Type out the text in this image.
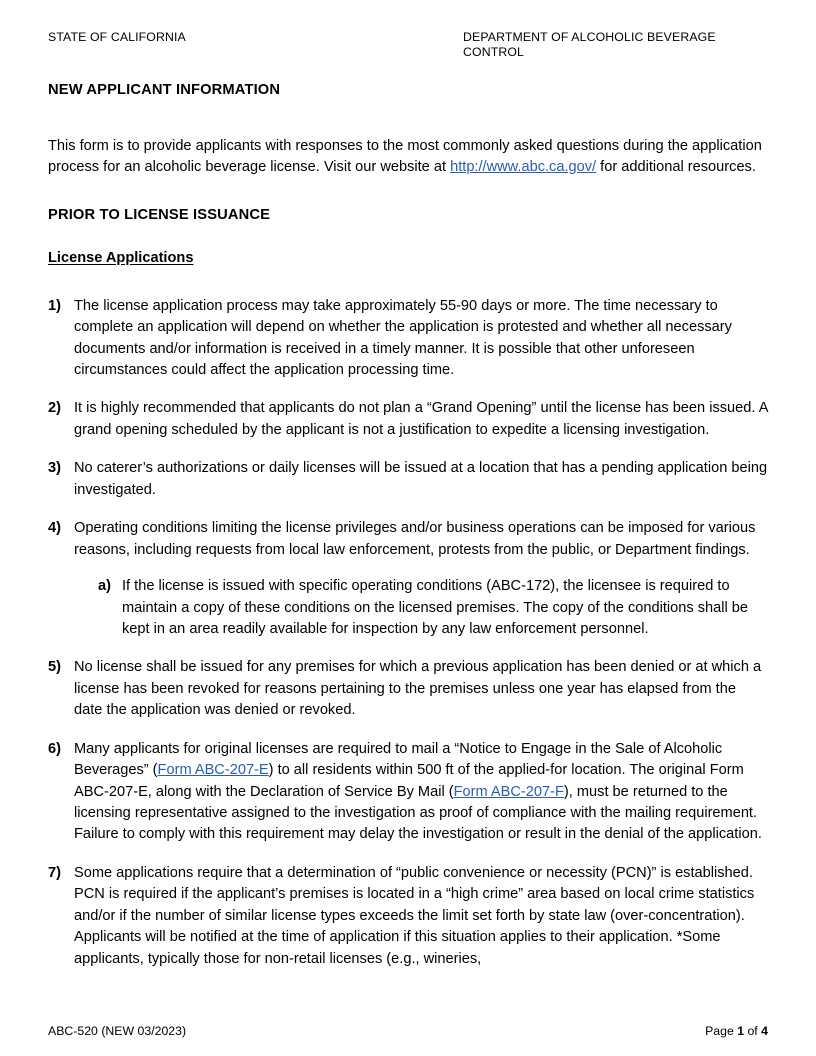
STATE OF CALIFORNIA	DEPARTMENT OF ALCOHOLIC BEVERAGE CONTROL
NEW APPLICANT INFORMATION

This form is to provide applicants with responses to the most commonly asked questions during the application process for an alcoholic beverage license. Visit our website at http://www.abc.ca.gov/ for additional resources.

PRIOR TO LICENSE ISSUANCE
License Applications
1) The license application process may take approximately 55-90 days or more. The time necessary to complete an application will depend on whether the application is protested and whether all necessary documents and/or information is received in a timely manner. It is possible that other unforeseen circumstances could affect the application processing time.
2) It is highly recommended that applicants do not plan a “Grand Opening” until the license has been issued. A grand opening scheduled by the applicant is not a justification to expedite a licensing investigation.
3) No caterer’s authorizations or daily licenses will be issued at a location that has a pending application being investigated.
4) Operating conditions limiting the license privileges and/or business operations can be imposed for various reasons, including requests from local law enforcement, protests from the public, or Department findings.
a) If the license is issued with specific operating conditions (ABC-172), the licensee is required to maintain a copy of these conditions on the licensed premises. The copy of the conditions shall be kept in an area readily available for inspection by any law enforcement personnel.
5) No license shall be issued for any premises for which a previous application has been denied or at which a license has been revoked for reasons pertaining to the premises unless one year has elapsed from the date the application was denied or revoked.
6) Many applicants for original licenses are required to mail a “Notice to Engage in the Sale of Alcoholic Beverages” (Form ABC-207-E) to all residents within 500 ft of the applied-for location. The original Form ABC-207-E, along with the Declaration of Service By Mail (Form ABC-207-F), must be returned to the licensing representative assigned to the investigation as proof of compliance with the mailing requirement. Failure to comply with this requirement may delay the investigation or result in the denial of the application.
7) Some applications require that a determination of “public convenience or necessity (PCN)” is established. PCN is required if the applicant’s premises is located in a “high crime” area based on local crime statistics and/or if the number of similar license types exceeds the limit set forth by state law (over-concentration). Applicants will be notified at the time of application if this situation applies to their application. *Some applicants, typically those for non-retail licenses (e.g., wineries,
ABC-520 (NEW 03/2023)	Page 1 of 4
